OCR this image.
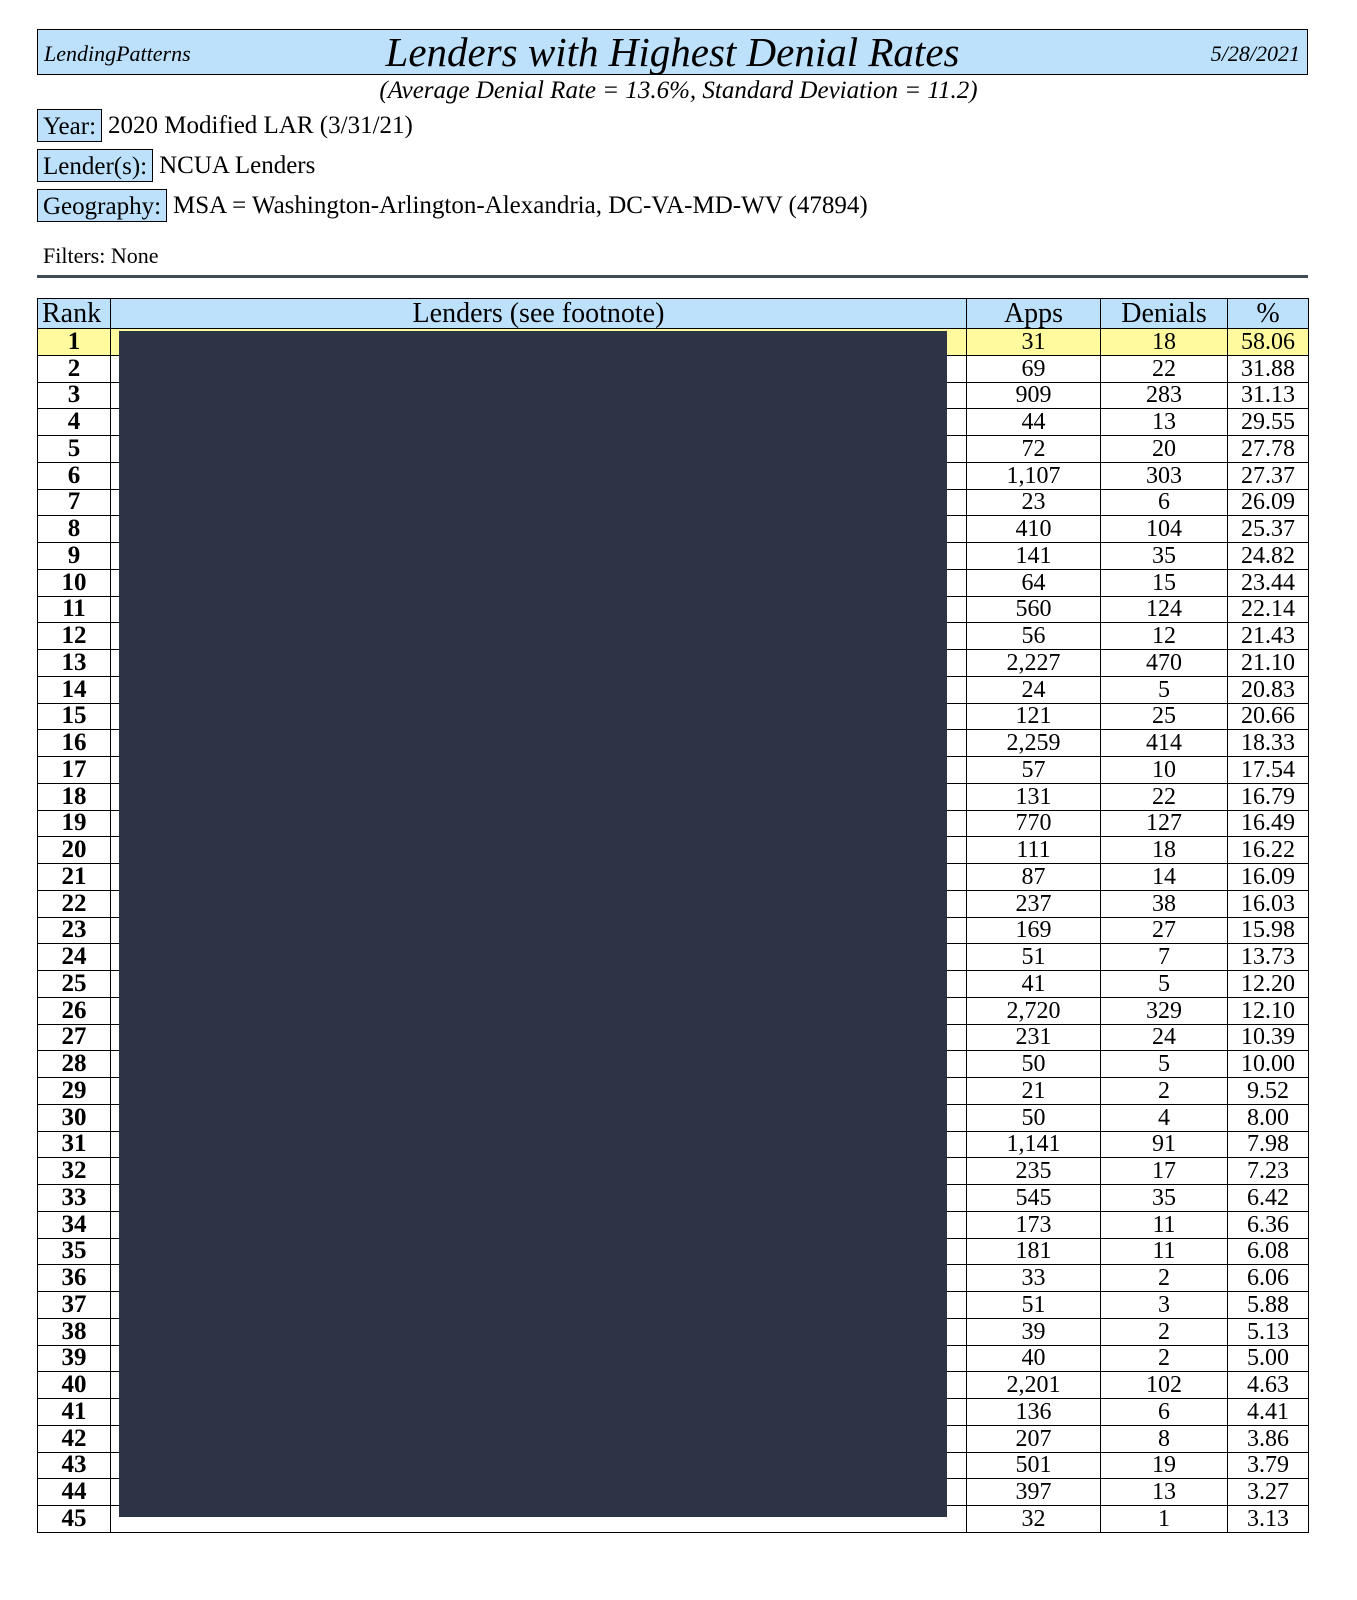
LendingPatterns	Lenders with Highest Denial Rates	5/28/2021
(Average Denial Rate = 13.6%, Standard Deviation = 11.2)
Year: 2020 Modified LAR (3/31/21)
Lender(s): NCUA Lenders
Geography: MSA = Washington-Arlington-Alexandria, DC-VA-MD-WV (47894)
Filters: None
Rank	Lenders (see footnote)	Apps	Denials	%
1		31	18	58.06
2		69	22	31.88
3		909	283	31.13
4		44	13	29.55
5		72	20	27.78
6		1,107	303	27.37
7		23	6	26.09
8		410	104	25.37
9		141	35	24.82
10		64	15	23.44
11		560	124	22.14
12		56	12	21.43
13		2,227	470	21.10
14		24	5	20.83
15		121	25	20.66
16		2,259	414	18.33
17		57	10	17.54
18		131	22	16.79
19		770	127	16.49
20		111	18	16.22
21		87	14	16.09
22		237	38	16.03
23		169	27	15.98
24		51	7	13.73
25		41	5	12.20
26		2,720	329	12.10
27		231	24	10.39
28		50	5	10.00
29		21	2	9.52
30		50	4	8.00
31		1,141	91	7.98
32		235	17	7.23
33		545	35	6.42
34		173	11	6.36
35		181	11	6.08
36		33	2	6.06
37		51	3	5.88
38		39	2	5.13
39		40	2	5.00
40		2,201	102	4.63
41		136	6	4.41
42		207	8	3.86
43		501	19	3.79
44		397	13	3.27
45		32	1	3.13
